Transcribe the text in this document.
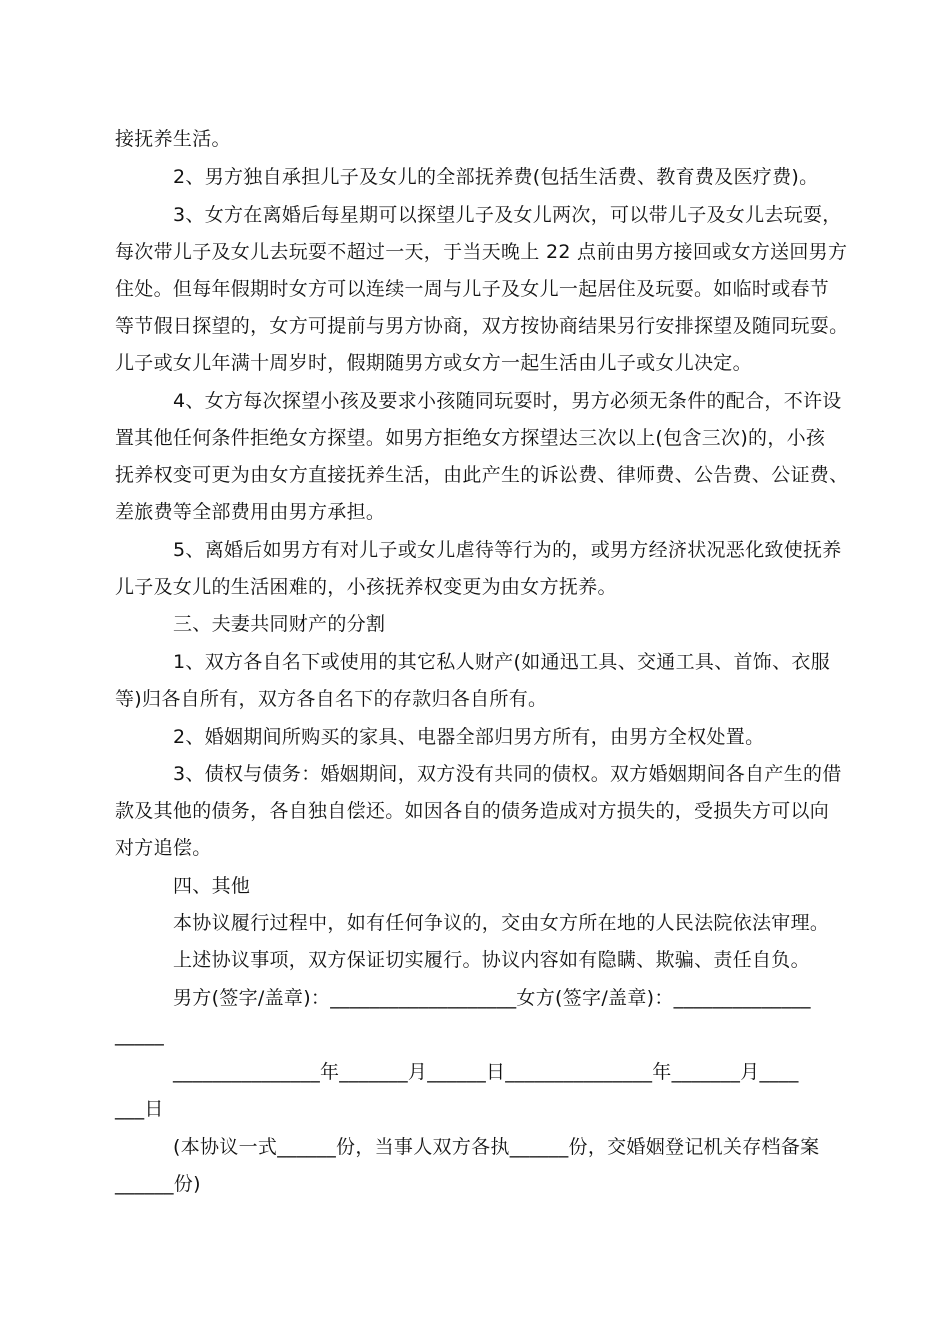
接抚养生活。
2、男方独自承担儿子及女儿的全部抚养费(包括生活费、教育费及医疗费)。
3、女方在离婚后每星期可以探望儿子及女儿两次，可以带儿子及女儿去玩耍，
每次带儿子及女儿去玩耍不超过一天，于当天晚上 22 点前由男方接回或女方送回男方
住处。但每年假期时女方可以连续一周与儿子及女儿一起居住及玩耍。如临时或春节
等节假日探望的，女方可提前与男方协商，双方按协商结果另行安排探望及随同玩耍。
儿子或女儿年满十周岁时，假期随男方或女方一起生活由儿子或女儿决定。
4、女方每次探望小孩及要求小孩随同玩耍时，男方必须无条件的配合，不许设
置其他任何条件拒绝女方探望。如男方拒绝女方探望达三次以上(包含三次)的，小孩
抚养权变可更为由女方直接抚养生活，由此产生的诉讼费、律师费、公告费、公证费、
差旅费等全部费用由男方承担。
5、离婚后如男方有对儿子或女儿虐待等行为的，或男方经济状况恶化致使抚养
儿子及女儿的生活困难的，小孩抚养权变更为由女方抚养。
三、夫妻共同财产的分割
1、双方各自名下或使用的其它私人财产(如通迅工具、交通工具、首饰、衣服
等)归各自所有，双方各自名下的存款归各自所有。
2、婚姻期间所购买的家具、电器全部归男方所有，由男方全权处置。
3、债权与债务：婚姻期间，双方没有共同的债权。双方婚姻期间各自产生的借
款及其他的债务，各自独自偿还。如因各自的债务造成对方损失的，受损失方可以向
对方追偿。
四、其他
本协议履行过程中，如有任何争议的，交由女方所在地的人民法院依法审理。
上述协议事项，双方保证切实履行。协议内容如有隐瞒、欺骗、责任自负。
男方(签字/盖章)：___________________女方(签字/盖章)：______________
_____
_______________年_______月______日_______________年_______月____
___日
(本协议一式______份，当事人双方各执______份，交婚姻登记机关存档备案
______份)
